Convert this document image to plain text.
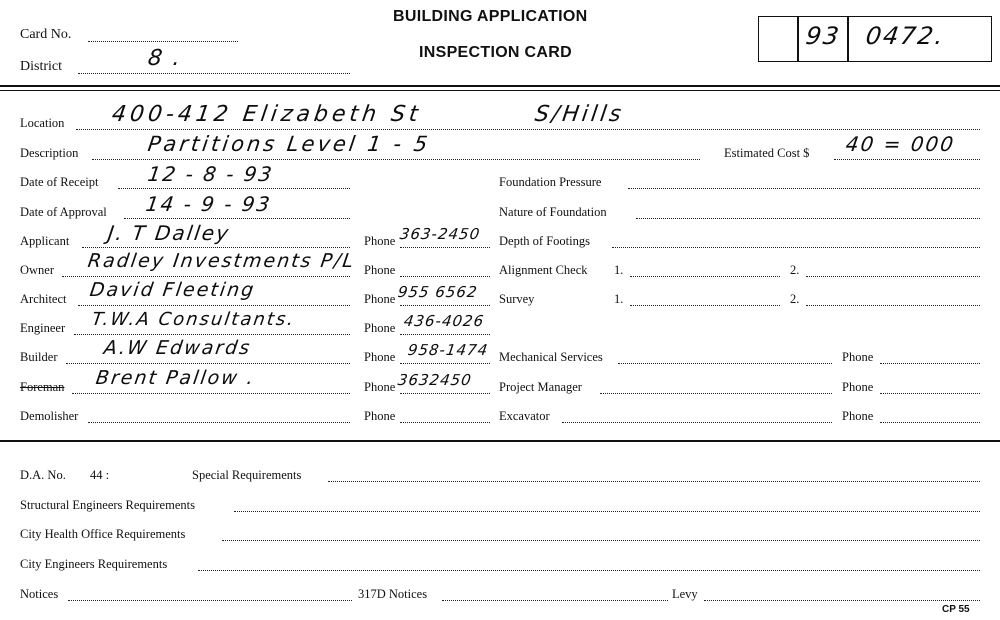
Card No.
District	8 .
BUILDING APPLICATION
INSPECTION CARD
93 0472.
Location 400-412 Elizabeth St	S/Hills
Description	Partitions Level 1 - 5	Estimated Cost $ 40 = 000
Date of Receipt 12 - 8 - 93
Date of Approval 14 - 9 - 93
Applicant J. T Dalley	Phone 363-2450
Owner Radley Investments P/L Phone
Architect David Fleeting	Phone 955 6562
Engineer T.W.A Consultants.	Phone 436-4026
Builder A.W Edwards	Phone 958-1474
Foreman Brent Pallow .	Phone 3632450
Demolisher	Phone
Foundation Pressure
Nature of Foundation
Depth of Footings
Alignment Check 1.	2.
Survey	1.	2.
Mechanical Services	Phone
Project Manager	Phone
Excavator	Phone
D.A. No. 44 :	Special Requirements
Structural Engineers Requirements
City Health Office Requirements
City Engineers Requirements
Notices	317D Notices	Levy
CP 55
